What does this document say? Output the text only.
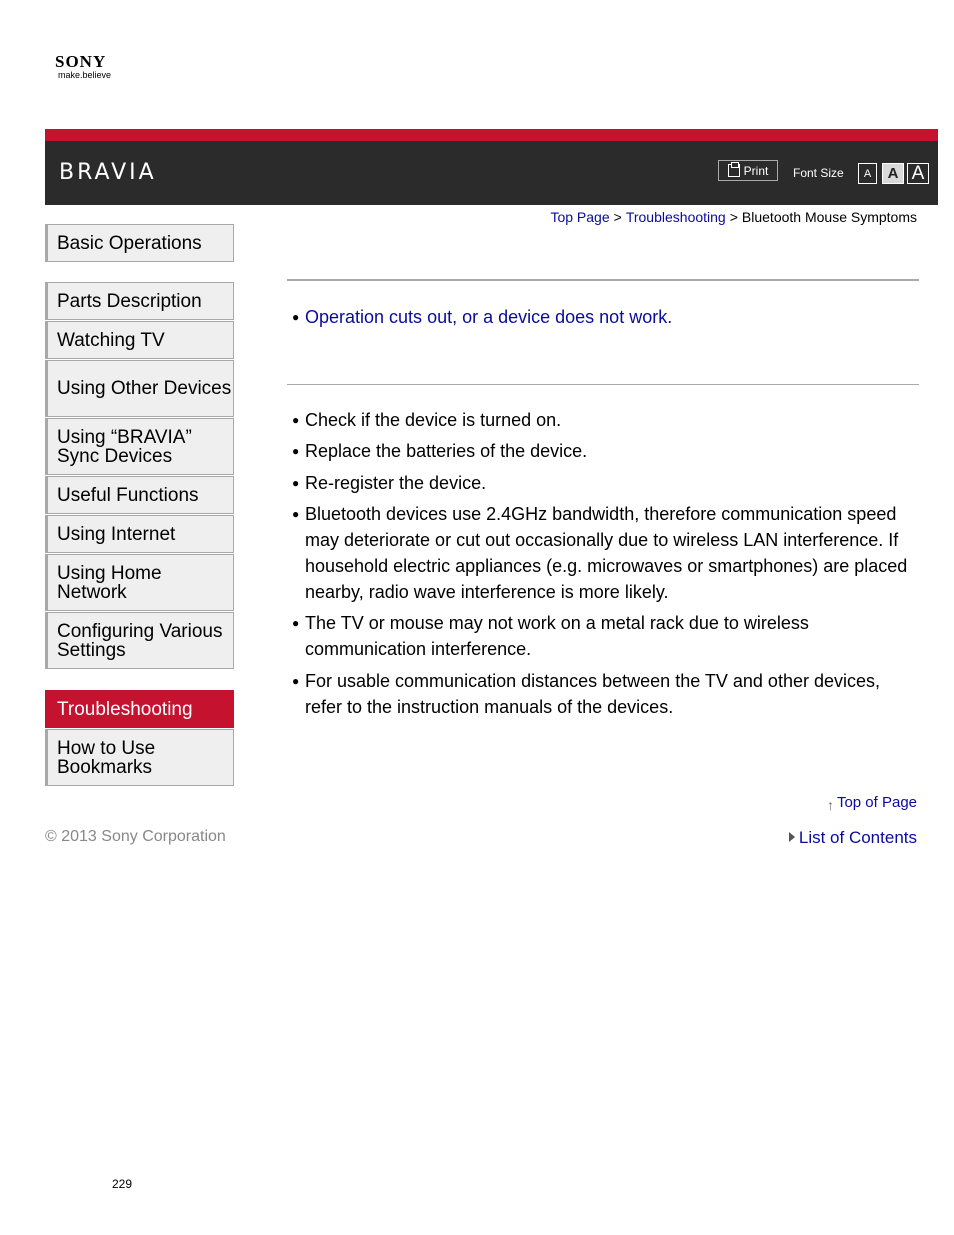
SONY
make.believe
BRAVIA	Print Font Size	A	A A
Top Page > Troubleshooting > Bluetooth Mouse Symptoms
Basic Operations
Parts Description
Watching TV
Using Other Devices
Using “BRAVIA” Sync Devices
Useful Functions
Using Internet
Using Home Network
Configuring Various Settings
Troubleshooting
How to Use Bookmarks
● Operation cuts out, or a device does not work.
● Check if the device is turned on.
● Replace the batteries of the device.
● Re-register the device.
● Bluetooth devices use 2.4GHz bandwidth, therefore communication speed may deteriorate or cut out occasionally due to wireless LAN interference. If household electric appliances (e.g. microwaves or smartphones) are placed nearby, radio wave interference is more likely.
● The TV or mouse may not work on a metal rack due to wireless communication interference.
● For usable communication distances between the TV and other devices, refer to the instruction manuals of the devices.
↑ Top of Page
List of Contents
© 2013 Sony Corporation
229
